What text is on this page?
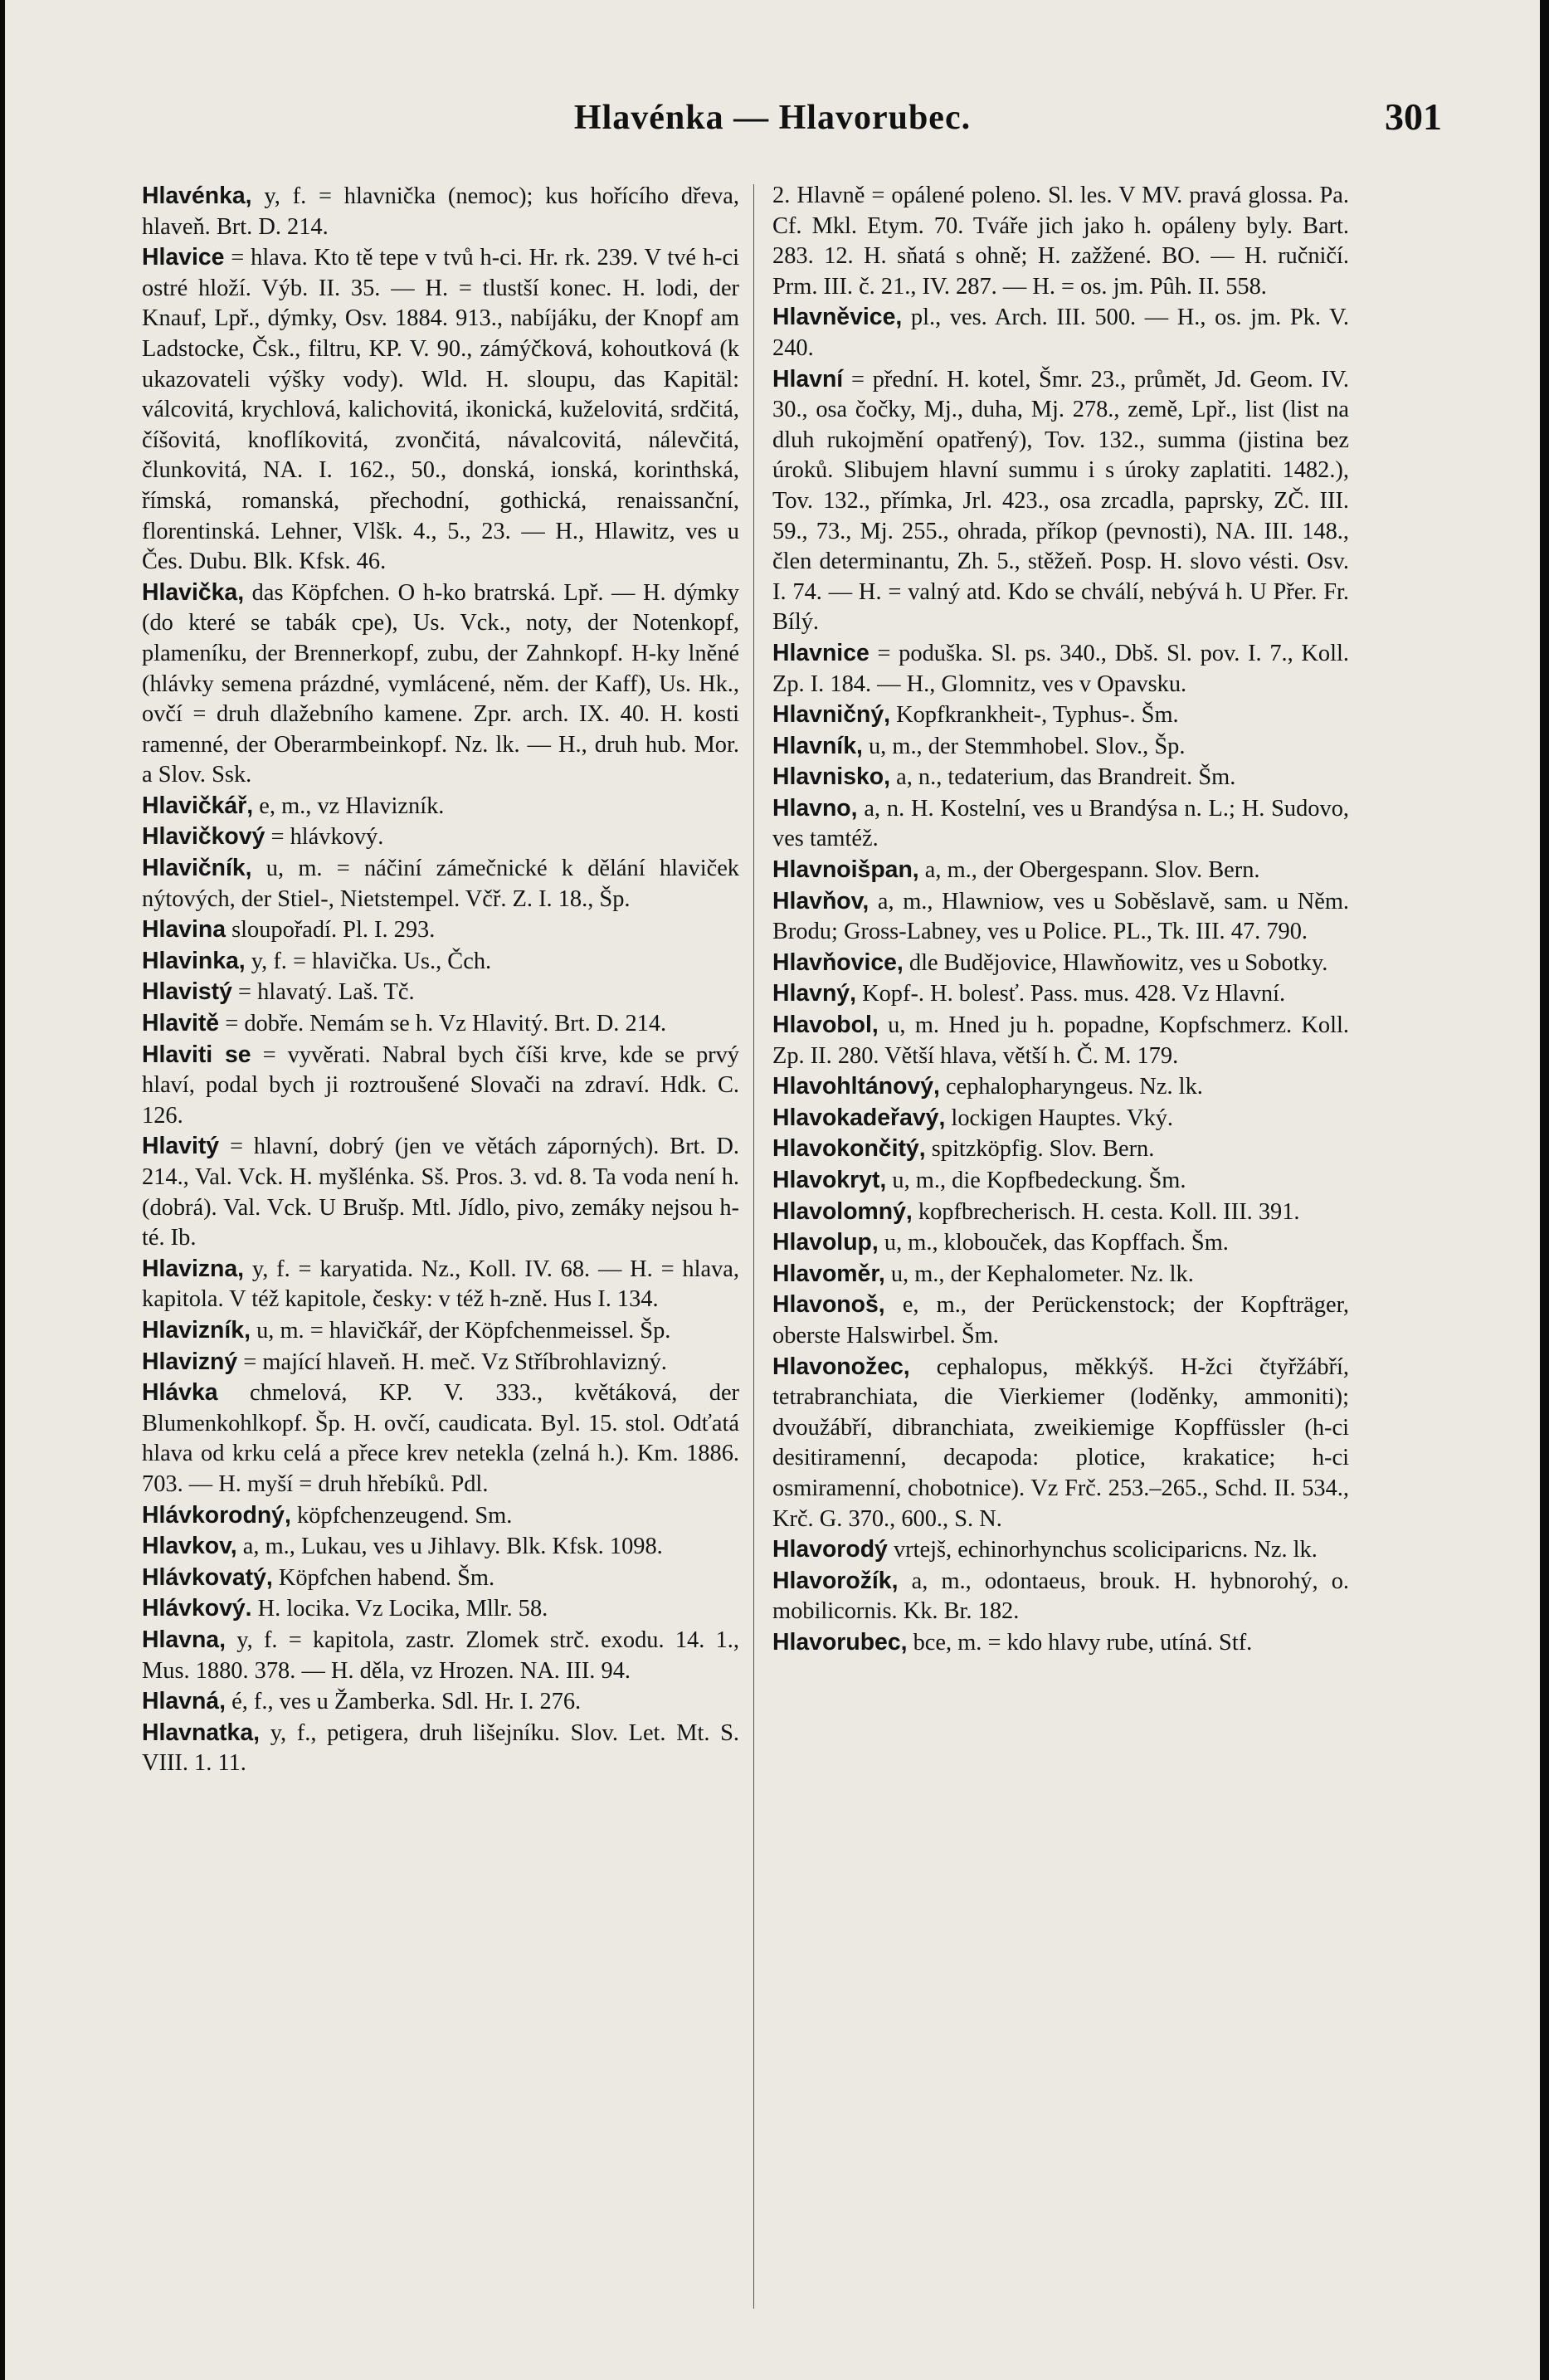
Hlavénka — Hlavorubec.	301

Hlavénka, y, f. = hlavnička (nemoc); kus hořícího dřeva, hlaveň. Brt. D. 214.

Hlavice = hlava. Kto tě tepe v tvů h-ci. Hr. rk. 239. V tvé h-ci ostré hloží. Výb. II. 35. — H. = tlustší konec. H. lodi, der Knauf, Lpř., dýmky, Osv. 1884. 913., nabíjáku, der Knopf am Ladstocke, Čsk., filtru, KP. V. 90., zámýčková, kohoutková (k ukazovateli výšky vody). Wld. H. sloupu, das Kapitäl: válcovitá, krychlová, kalichovitá, ikonická, kuželovitá, srdčitá, číšovitá, knoflíkovitá, zvončitá, návalcovitá, nálevčitá, člunkovitá, NA. I. 162., 50., donská, ionská, korinthská, římská, romanská, přechodní, gothická, renaissanční, florentinská. Lehner, Vlšk. 4., 5., 23. — H., Hlawitz, ves u Čes. Dubu. Blk. Kfsk. 46.

Hlavička, das Köpfchen. O h-ko bratrská. Lpř. — H. dýmky (do které se tabák cpe), Us. Vck., noty, der Notenkopf, plameníku, der Brennerkopf, zubu, der Zahnkopf. H-ky lněné (hlávky semena prázdné, vymlácené, něm. der Kaff), Us. Hk., ovčí = druh dlažebního kamene. Zpr. arch. IX. 40. H. kosti ramenné, der Oberarmbeinkopf. Nz. lk. — H., druh hub. Mor. a Slov. Ssk.

Hlavičkář, e, m., vz Hlavizník.

Hlavičkový = hlávkový.

Hlavičník, u, m. = náčiní zámečnické k dělání hlaviček nýtových, der Stiel-, Nietstempel. Včř. Z. I. 18., Šp.

Hlavina sloupořadí. Pl. I. 293.

Hlavinka, y, f. = hlavička. Us., Čch.

Hlavistý = hlavatý. Laš. Tč.

Hlavitě = dobře. Nemám se h. Vz Hlavitý. Brt. D. 214.

Hlaviti se = vyvěrati. Nabral bych číši krve, kde se prvý hlaví, podal bych ji roztroušené Slovači na zdraví. Hdk. C. 126.

Hlavitý = hlavní, dobrý (jen ve větách záporných). Brt. D. 214., Val. Vck. H. myšlénka. Sš. Pros. 3. vd. 8. Ta voda není h. (dobrá). Val. Vck. U Brušp. Mtl. Jídlo, pivo, zemáky nejsou h-té. Ib.

Hlavizna, y, f. = karyatida. Nz., Koll. IV. 68. — H. = hlava, kapitola. V též kapitole, česky: v též h-zně. Hus I. 134.

Hlavizník, u, m. = hlavičkář, der Köpfchenmeissel. Šp.

Hlavizný = mající hlaveň. H. meč. Vz Stříbrohlavizný.

Hlávka chmelová, KP. V. 333., květáková, der Blumenkohlkopf. Šp. H. ovčí, caudicata. Byl. 15. stol. Odťatá hlava od krku celá a přece krev netekla (zelná h.). Km. 1886. 703. — H. myší = druh hřebíků. Pdl.

Hlávkorodný, köpfchenzeugend. Sm.

Hlavkov, a, m., Lukau, ves u Jihlavy. Blk. Kfsk. 1098.

Hlávkovatý, Köpfchen habend. Šm.

Hlávkový. H. locika. Vz Locika, Mllr. 58.

Hlavna, y, f. = kapitola, zastr. Zlomek strč. exodu. 14. 1., Mus. 1880. 378. — H. děla, vz Hrozen. NA. III. 94.

Hlavná, é, f., ves u Žamberka. Sdl. Hr. I. 276.

Hlavnatka, y, f., petigera, druh lišejníku. Slov. Let. Mt. S. VIII. 1. 11.

2. Hlavně = opálené poleno. Sl. les. V MV. pravá glossa. Pa. Cf. Mkl. Etym. 70. Tváře jich jako h. opáleny byly. Bart. 283. 12. H. sňatá s ohně; H. zažžené. BO. — H. ručničí. Prm. III. č. 21., IV. 287. — H. = os. jm. Pûh. II. 558.

Hlavněvice, pl., ves. Arch. III. 500. — H., os. jm. Pk. V. 240.

Hlavní = přední. H. kotel, Šmr. 23., průmět, Jd. Geom. IV. 30., osa čočky, Mj., duha, Mj. 278., země, Lpř., list (list na dluh rukojmění opatřený), Tov. 132., summa (jistina bez úroků. Slibujem hlavní summu i s úroky zaplatiti. 1482.), Tov. 132., přímka, Jrl. 423., osa zrcadla, paprsky, ZČ. III. 59., 73., Mj. 255., ohrada, příkop (pevnosti), NA. III. 148., člen determinantu, Zh. 5., stěžeň. Posp. H. slovo vésti. Osv. I. 74. — H. = valný atd. Kdo se chválí, nebývá h. U Přer. Fr. Bílý.

Hlavnice = poduška. Sl. ps. 340., Dbš. Sl. pov. I. 7., Koll. Zp. I. 184. — H., Glomnitz, ves v Opavsku.

Hlavničný, Kopfkrankheit-, Typhus-. Šm.

Hlavník, u, m., der Stemmhobel. Slov., Šp.

Hlavnisko, a, n., tedaterium, das Brandreit. Šm.

Hlavno, a, n. H. Kostelní, ves u Brandýsa n. L.; H. Sudovo, ves tamtéž.

Hlavnoišpan, a, m., der Obergespann. Slov. Bern.

Hlavňov, a, m., Hlawniow, ves u Soběslavě, sam. u Něm. Brodu; Gross-Labney, ves u Police. PL., Tk. III. 47. 790.

Hlavňovice, dle Budějovice, Hlawňowitz, ves u Sobotky.

Hlavný, Kopf-. H. bolesť. Pass. mus. 428. Vz Hlavní.

Hlavobol, u, m. Hned ju h. popadne, Kopfschmerz. Koll. Zp. II. 280. Větší hlava, větší h. Č. M. 179.

Hlavohltánový, cephalopharyngeus. Nz. lk.

Hlavokadeřavý, lockigen Hauptes. Vký.

Hlavokončitý, spitzköpfig. Slov. Bern.

Hlavokryt, u, m., die Kopfbedeckung. Šm.

Hlavolomný, kopfbrecherisch. H. cesta. Koll. III. 391.

Hlavolup, u, m., klobouček, das Kopffach. Šm.

Hlavoměr, u, m., der Kephalometer. Nz. lk.

Hlavonoš, e, m., der Perückenstock; der Kopfträger, oberste Halswirbel. Šm.

Hlavonožec, cephalopus, měkkýš. H-žci čtyřžábří, tetrabranchiata, die Vierkiemer (loděnky, ammoniti); dvoužábří, dibranchiata, zweikiemige Kopffüssler (h-ci desitiramenní, decapoda: plotice, krakatice; h-ci osmiramenní, chobotnice). Vz Frč. 253.–265., Schd. II. 534., Krč. G. 370., 600., S. N.

Hlavorodý vrtejš, echinorhynchus scoliciparicns. Nz. lk.

Hlavorožík, a, m., odontaeus, brouk. H. hybnorohý, o. mobilicornis. Kk. Br. 182.

Hlavorubec, bce, m. = kdo hlavy rube, utíná. Stf.
